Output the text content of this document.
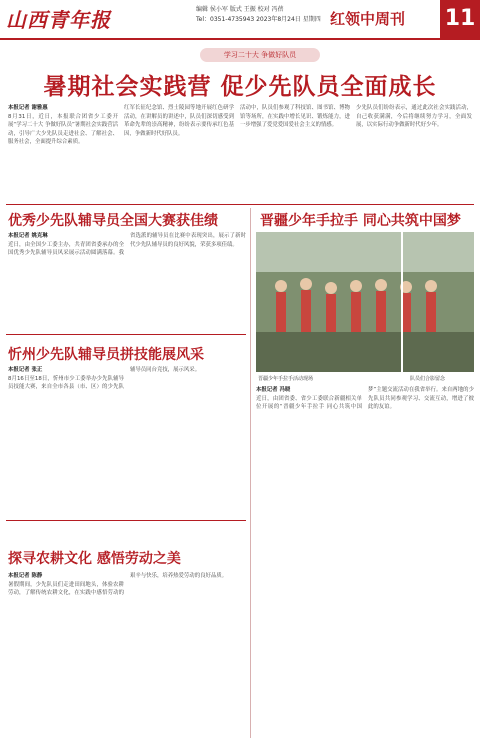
山西青年报	编辑 侯小军 版式 王振 校对 冯蓓
Tel：0351-4735943 2023年8月24日 星期四 红领中周刊 11
学习二十大 争做好队员
暑期社会实践营 促少先队员全面成长
本报记者 谢雅惠
8月31日，近日，本报联合团省少工委开展“学习二十大 争做好队员”暑期社会实践营活动，引导广大少先队员走进社会、了解社会、服务社会，全面提升综合素质。
红军长征纪念馆、烈士陵园等地开展红色研学活动，在讲解员的讲述中，队员们深切感受到革命先辈的崇高精神，纷纷表示要传承红色基因，争做新时代好队员。
活动中，队员们参观了科技馆、图书馆、博物馆等场所，在实践中增长见识、锻炼能力，进一步增强了爱党爱国爱社会主义的情感。
少先队员们纷纷表示，通过此次社会实践活动，自己收获满满，今后将继续努力学习，全面发展，以实际行动争做新时代好少年。
优秀少先队辅导员全国大赛获佳绩
本报记者 姚克琳
近日，由全国少工委主办，共青团省委承办的全国优秀少先队辅导员风采展示活动圆满落幕。我省选派的辅导员在比赛中表现突出，展示了新时代少先队辅导员的良好风貌，荣获多项佳绩。
晋疆少年手拉手 同心共筑中国梦
晋疆少年手拉手活动现场	队员们合影留念
本报记者 冯晓
近日，由团省委、省少工委联合新疆相关单位开展的“晋疆少年手拉手 同心共筑中国梦”主题交流活动在我省举行。来自两地的少先队员共同参观学习、交流互动，增进了彼此的友谊。
忻州少先队辅导员拼技能展风采
本报记者 张正
8月16日至18日，忻州市少工委举办少先队辅导员技能大赛，来自全市各县（市、区）的少先队辅导员同台竞技，展示风采。
探寻农耕文化 感悟劳动之美
本报记者 陈静
暑假期间，少先队员们走进田间地头，体验农耕劳动，了解传统农耕文化，在实践中感悟劳动的艰辛与快乐，培养热爱劳动的良好品质。
